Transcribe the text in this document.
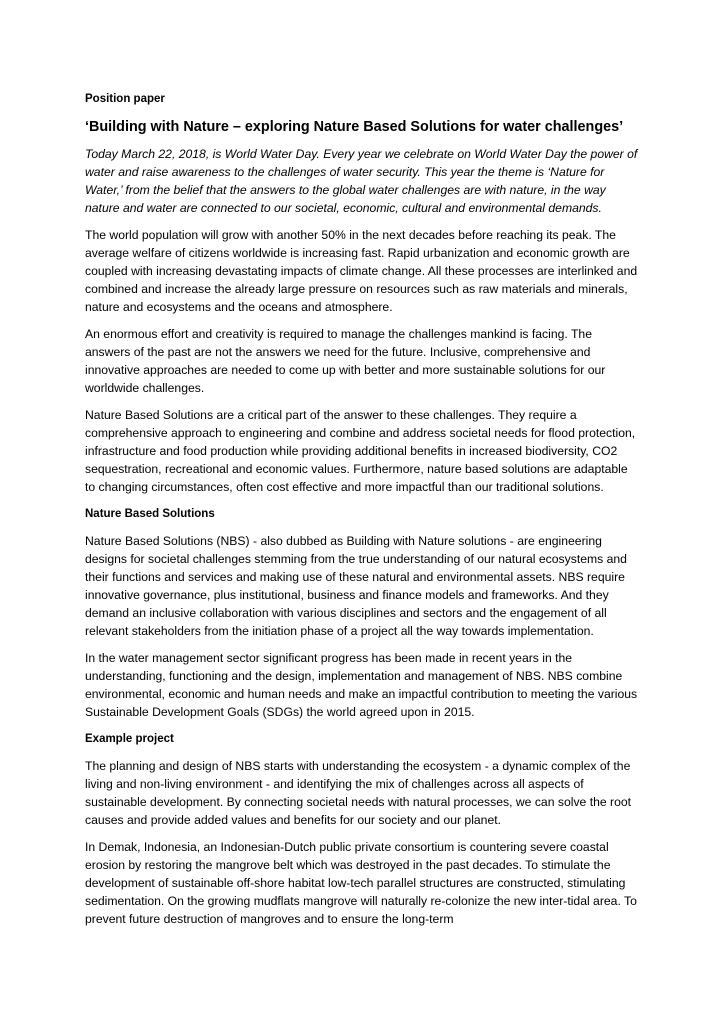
Position paper
‘Building with Nature – exploring Nature Based Solutions for water challenges’

Today March 22, 2018, is World Water Day. Every year we celebrate on World Water Day the power of water and raise awareness to the challenges of water security. This year the theme is ‘Nature for Water,’ from the belief that the answers to the global water challenges are with nature, in the way nature and water are connected to our societal, economic, cultural and environmental demands.

The world population will grow with another 50% in the next decades before reaching its peak. The average welfare of citizens worldwide is increasing fast. Rapid urbanization and economic growth are coupled with increasing devastating impacts of climate change. All these processes are interlinked and combined and increase the already large pressure on resources such as raw materials and minerals, nature and ecosystems and the oceans and atmosphere.

An enormous effort and creativity is required to manage the challenges mankind is facing. The answers of the past are not the answers we need for the future. Inclusive, comprehensive and innovative approaches are needed to come up with better and more sustainable solutions for our worldwide challenges.

Nature Based Solutions are a critical part of the answer to these challenges. They require a comprehensive approach to engineering and combine and address societal needs for flood protection, infrastructure and food production while providing additional benefits in increased biodiversity, CO2 sequestration, recreational and economic values. Furthermore, nature based solutions are adaptable to changing circumstances, often cost effective and more impactful than our traditional solutions.

Nature Based Solutions

Nature Based Solutions (NBS) - also dubbed as Building with Nature solutions - are engineering designs for societal challenges stemming from the true understanding of our natural ecosystems and their functions and services and making use of these natural and environmental assets. NBS require innovative governance, plus institutional, business and finance models and frameworks. And they demand an inclusive collaboration with various disciplines and sectors and the engagement of all relevant stakeholders from the initiation phase of a project all the way towards implementation.

In the water management sector significant progress has been made in recent years in the understanding, functioning and the design, implementation and management of NBS. NBS combine environmental, economic and human needs and make an impactful contribution to meeting the various Sustainable Development Goals (SDGs) the world agreed upon in 2015.

Example project

The planning and design of NBS starts with understanding the ecosystem - a dynamic complex of the living and non-living environment - and identifying the mix of challenges across all aspects of sustainable development. By connecting societal needs with natural processes, we can solve the root causes and provide added values and benefits for our society and our planet.

In Demak, Indonesia, an Indonesian-Dutch public private consortium is countering severe coastal erosion by restoring the mangrove belt which was destroyed in the past decades. To stimulate the development of sustainable off-shore habitat low-tech parallel structures are constructed, stimulating sedimentation. On the growing mudflats mangrove will naturally re-colonize the new inter-tidal area. To prevent future destruction of mangroves and to ensure the long-term
